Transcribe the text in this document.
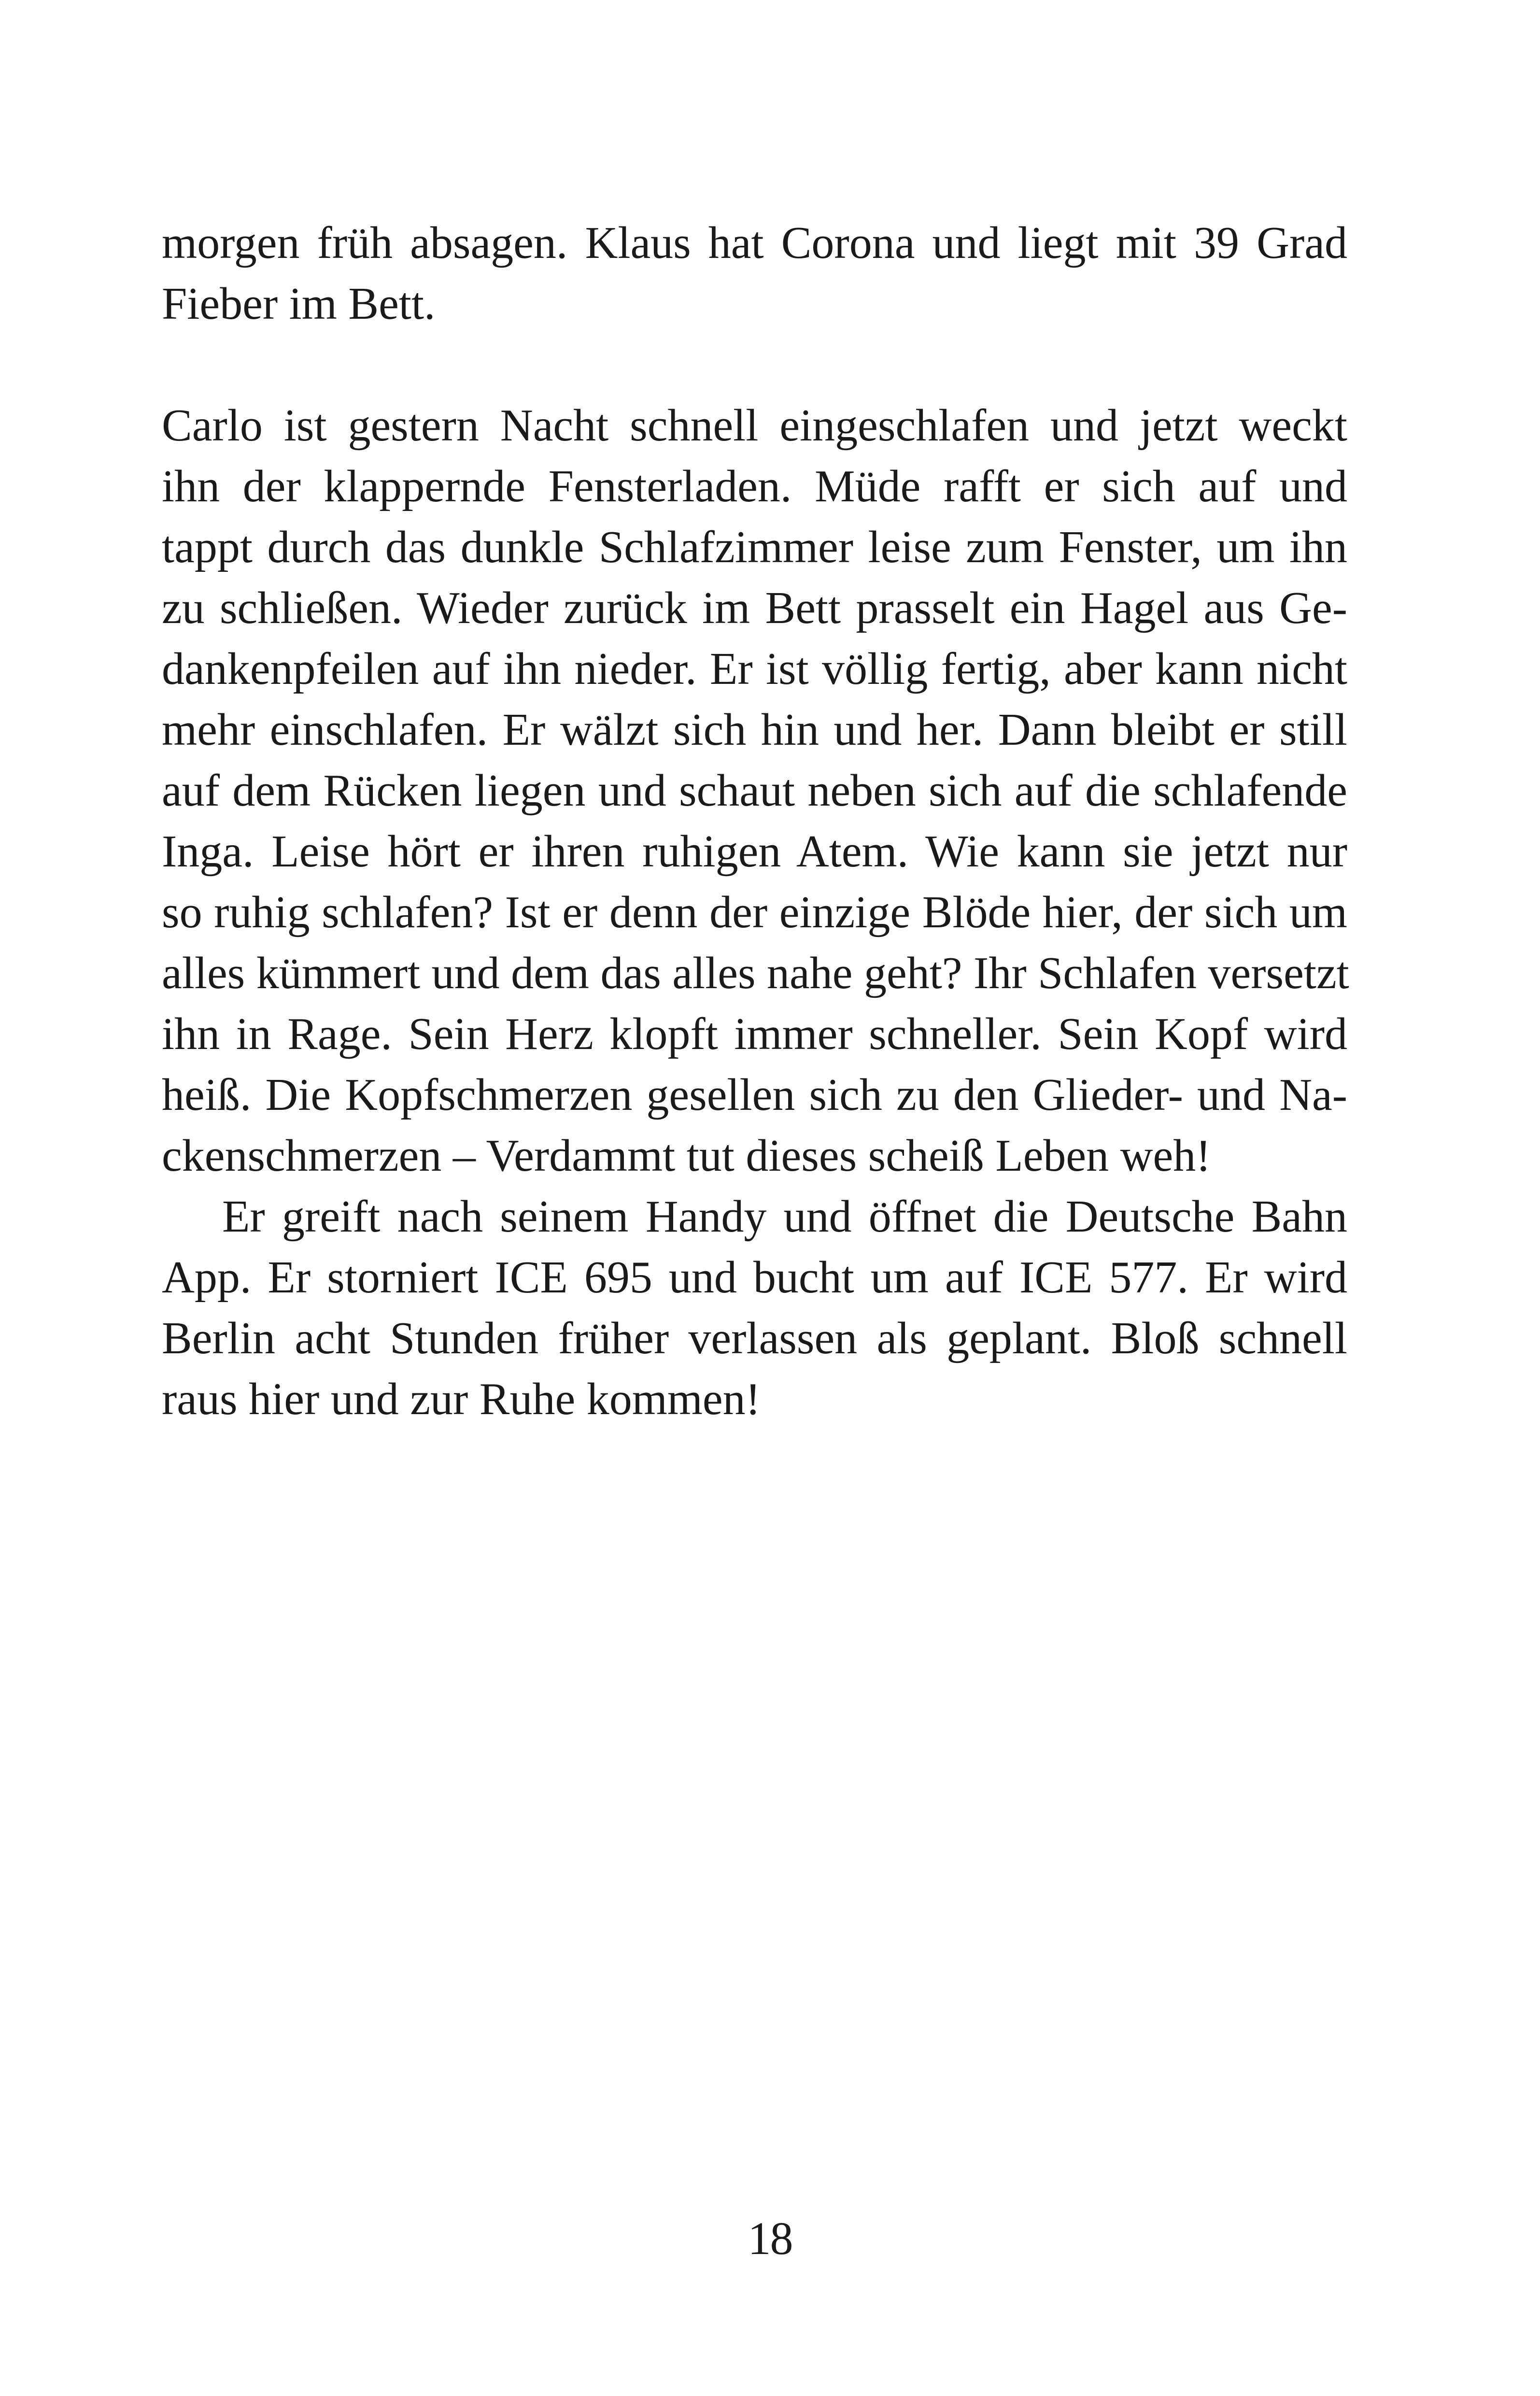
morgen früh absagen. Klaus hat Corona und liegt mit 39 Grad
Fieber im Bett.
Carlo ist gestern Nacht schnell eingeschlafen und jetzt weckt
ihn der klappernde Fensterladen. Müde rafft er sich auf und
tappt durch das dunkle Schlafzimmer leise zum Fenster, um ihn
zu schließen. Wieder zurück im Bett prasselt ein Hagel aus Ge-
dankenpfeilen auf ihn nieder. Er ist völlig fertig, aber kann nicht
mehr einschlafen. Er wälzt sich hin und her. Dann bleibt er still
auf dem Rücken liegen und schaut neben sich auf die schlafende
Inga. Leise hört er ihren ruhigen Atem. Wie kann sie jetzt nur
so ruhig schlafen? Ist er denn der einzige Blöde hier, der sich um
alles kümmert und dem das alles nahe geht? Ihr Schlafen versetzt
ihn in Rage. Sein Herz klopft immer schneller. Sein Kopf wird
heiß. Die Kopfschmerzen gesellen sich zu den Glieder- und Na-
ckenschmerzen – Verdammt tut dieses scheiß Leben weh!
Er greift nach seinem Handy und öffnet die Deutsche Bahn
App. Er storniert ICE 695 und bucht um auf ICE 577. Er wird
Berlin acht Stunden früher verlassen als geplant. Bloß schnell
raus hier und zur Ruhe kommen!
18
